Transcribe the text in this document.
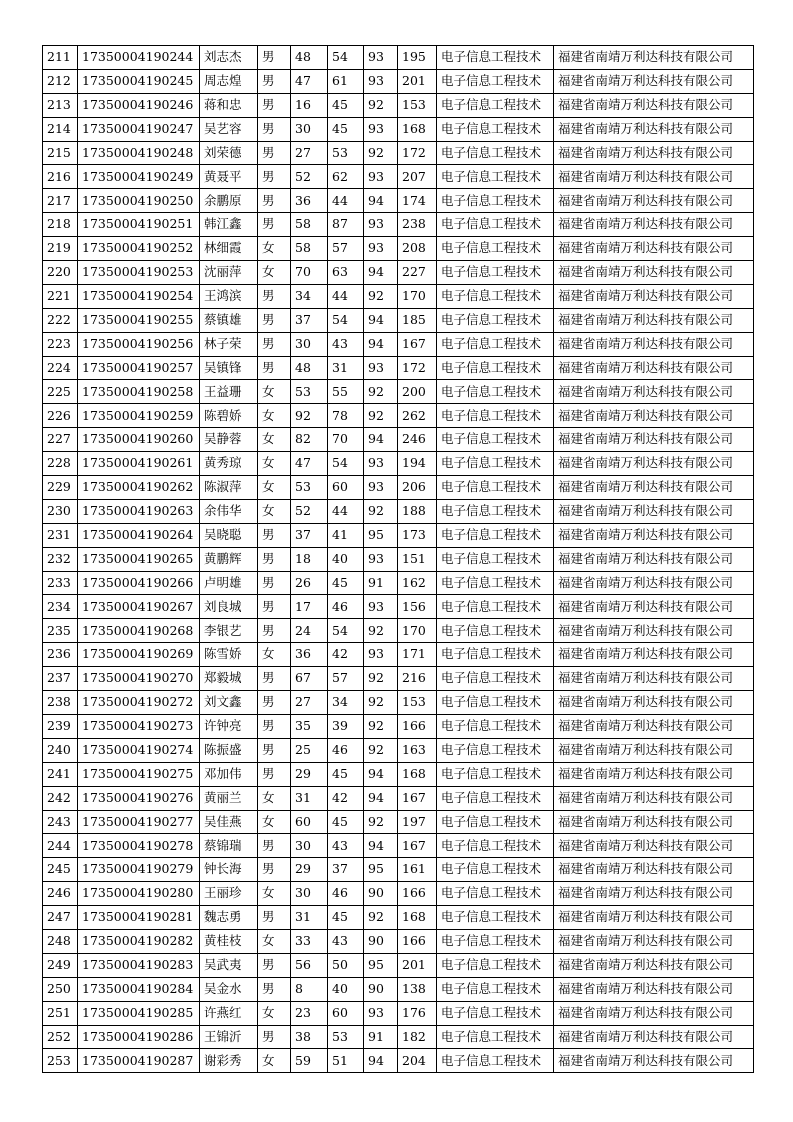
211	17350004190244	刘志杰	男	48	54	93	195	电子信息工程技术	福建省南靖万利达科技有限公司
212	17350004190245	周志煌	男	47	61	93	201	电子信息工程技术	福建省南靖万利达科技有限公司
213	17350004190246	蒋和忠	男	16	45	92	153	电子信息工程技术	福建省南靖万利达科技有限公司
214	17350004190247	吴艺容	男	30	45	93	168	电子信息工程技术	福建省南靖万利达科技有限公司
215	17350004190248	刘荣德	男	27	53	92	172	电子信息工程技术	福建省南靖万利达科技有限公司
216	17350004190249	黄聂平	男	52	62	93	207	电子信息工程技术	福建省南靖万利达科技有限公司
217	17350004190250	余鹏原	男	36	44	94	174	电子信息工程技术	福建省南靖万利达科技有限公司
218	17350004190251	韩江鑫	男	58	87	93	238	电子信息工程技术	福建省南靖万利达科技有限公司
219	17350004190252	林细霞	女	58	57	93	208	电子信息工程技术	福建省南靖万利达科技有限公司
220	17350004190253	沈丽萍	女	70	63	94	227	电子信息工程技术	福建省南靖万利达科技有限公司
221	17350004190254	王鸿滨	男	34	44	92	170	电子信息工程技术	福建省南靖万利达科技有限公司
222	17350004190255	蔡镇雄	男	37	54	94	185	电子信息工程技术	福建省南靖万利达科技有限公司
223	17350004190256	林子荣	男	30	43	94	167	电子信息工程技术	福建省南靖万利达科技有限公司
224	17350004190257	吴镇锋	男	48	31	93	172	电子信息工程技术	福建省南靖万利达科技有限公司
225	17350004190258	王益珊	女	53	55	92	200	电子信息工程技术	福建省南靖万利达科技有限公司
226	17350004190259	陈碧娇	女	92	78	92	262	电子信息工程技术	福建省南靖万利达科技有限公司
227	17350004190260	吴静蓉	女	82	70	94	246	电子信息工程技术	福建省南靖万利达科技有限公司
228	17350004190261	黄秀琼	女	47	54	93	194	电子信息工程技术	福建省南靖万利达科技有限公司
229	17350004190262	陈淑萍	女	53	60	93	206	电子信息工程技术	福建省南靖万利达科技有限公司
230	17350004190263	余伟华	女	52	44	92	188	电子信息工程技术	福建省南靖万利达科技有限公司
231	17350004190264	吴晓聪	男	37	41	95	173	电子信息工程技术	福建省南靖万利达科技有限公司
232	17350004190265	黄鹏辉	男	18	40	93	151	电子信息工程技术	福建省南靖万利达科技有限公司
233	17350004190266	卢明雄	男	26	45	91	162	电子信息工程技术	福建省南靖万利达科技有限公司
234	17350004190267	刘良城	男	17	46	93	156	电子信息工程技术	福建省南靖万利达科技有限公司
235	17350004190268	李银艺	男	24	54	92	170	电子信息工程技术	福建省南靖万利达科技有限公司
236	17350004190269	陈雪娇	女	36	42	93	171	电子信息工程技术	福建省南靖万利达科技有限公司
237	17350004190270	郑毅城	男	67	57	92	216	电子信息工程技术	福建省南靖万利达科技有限公司
238	17350004190272	刘文鑫	男	27	34	92	153	电子信息工程技术	福建省南靖万利达科技有限公司
239	17350004190273	许钟亮	男	35	39	92	166	电子信息工程技术	福建省南靖万利达科技有限公司
240	17350004190274	陈振盛	男	25	46	92	163	电子信息工程技术	福建省南靖万利达科技有限公司
241	17350004190275	邓加伟	男	29	45	94	168	电子信息工程技术	福建省南靖万利达科技有限公司
242	17350004190276	黄丽兰	女	31	42	94	167	电子信息工程技术	福建省南靖万利达科技有限公司
243	17350004190277	吴佳燕	女	60	45	92	197	电子信息工程技术	福建省南靖万利达科技有限公司
244	17350004190278	蔡锦瑞	男	30	43	94	167	电子信息工程技术	福建省南靖万利达科技有限公司
245	17350004190279	钟长海	男	29	37	95	161	电子信息工程技术	福建省南靖万利达科技有限公司
246	17350004190280	王丽珍	女	30	46	90	166	电子信息工程技术	福建省南靖万利达科技有限公司
247	17350004190281	魏志勇	男	31	45	92	168	电子信息工程技术	福建省南靖万利达科技有限公司
248	17350004190282	黄桂枝	女	33	43	90	166	电子信息工程技术	福建省南靖万利达科技有限公司
249	17350004190283	吴武夷	男	56	50	95	201	电子信息工程技术	福建省南靖万利达科技有限公司
250	17350004190284	吴金水	男	8	40	90	138	电子信息工程技术	福建省南靖万利达科技有限公司
251	17350004190285	许燕红	女	23	60	93	176	电子信息工程技术	福建省南靖万利达科技有限公司
252	17350004190286	王锦沂	男	38	53	91	182	电子信息工程技术	福建省南靖万利达科技有限公司
253	17350004190287	谢彩秀	女	59	51	94	204	电子信息工程技术	福建省南靖万利达科技有限公司
